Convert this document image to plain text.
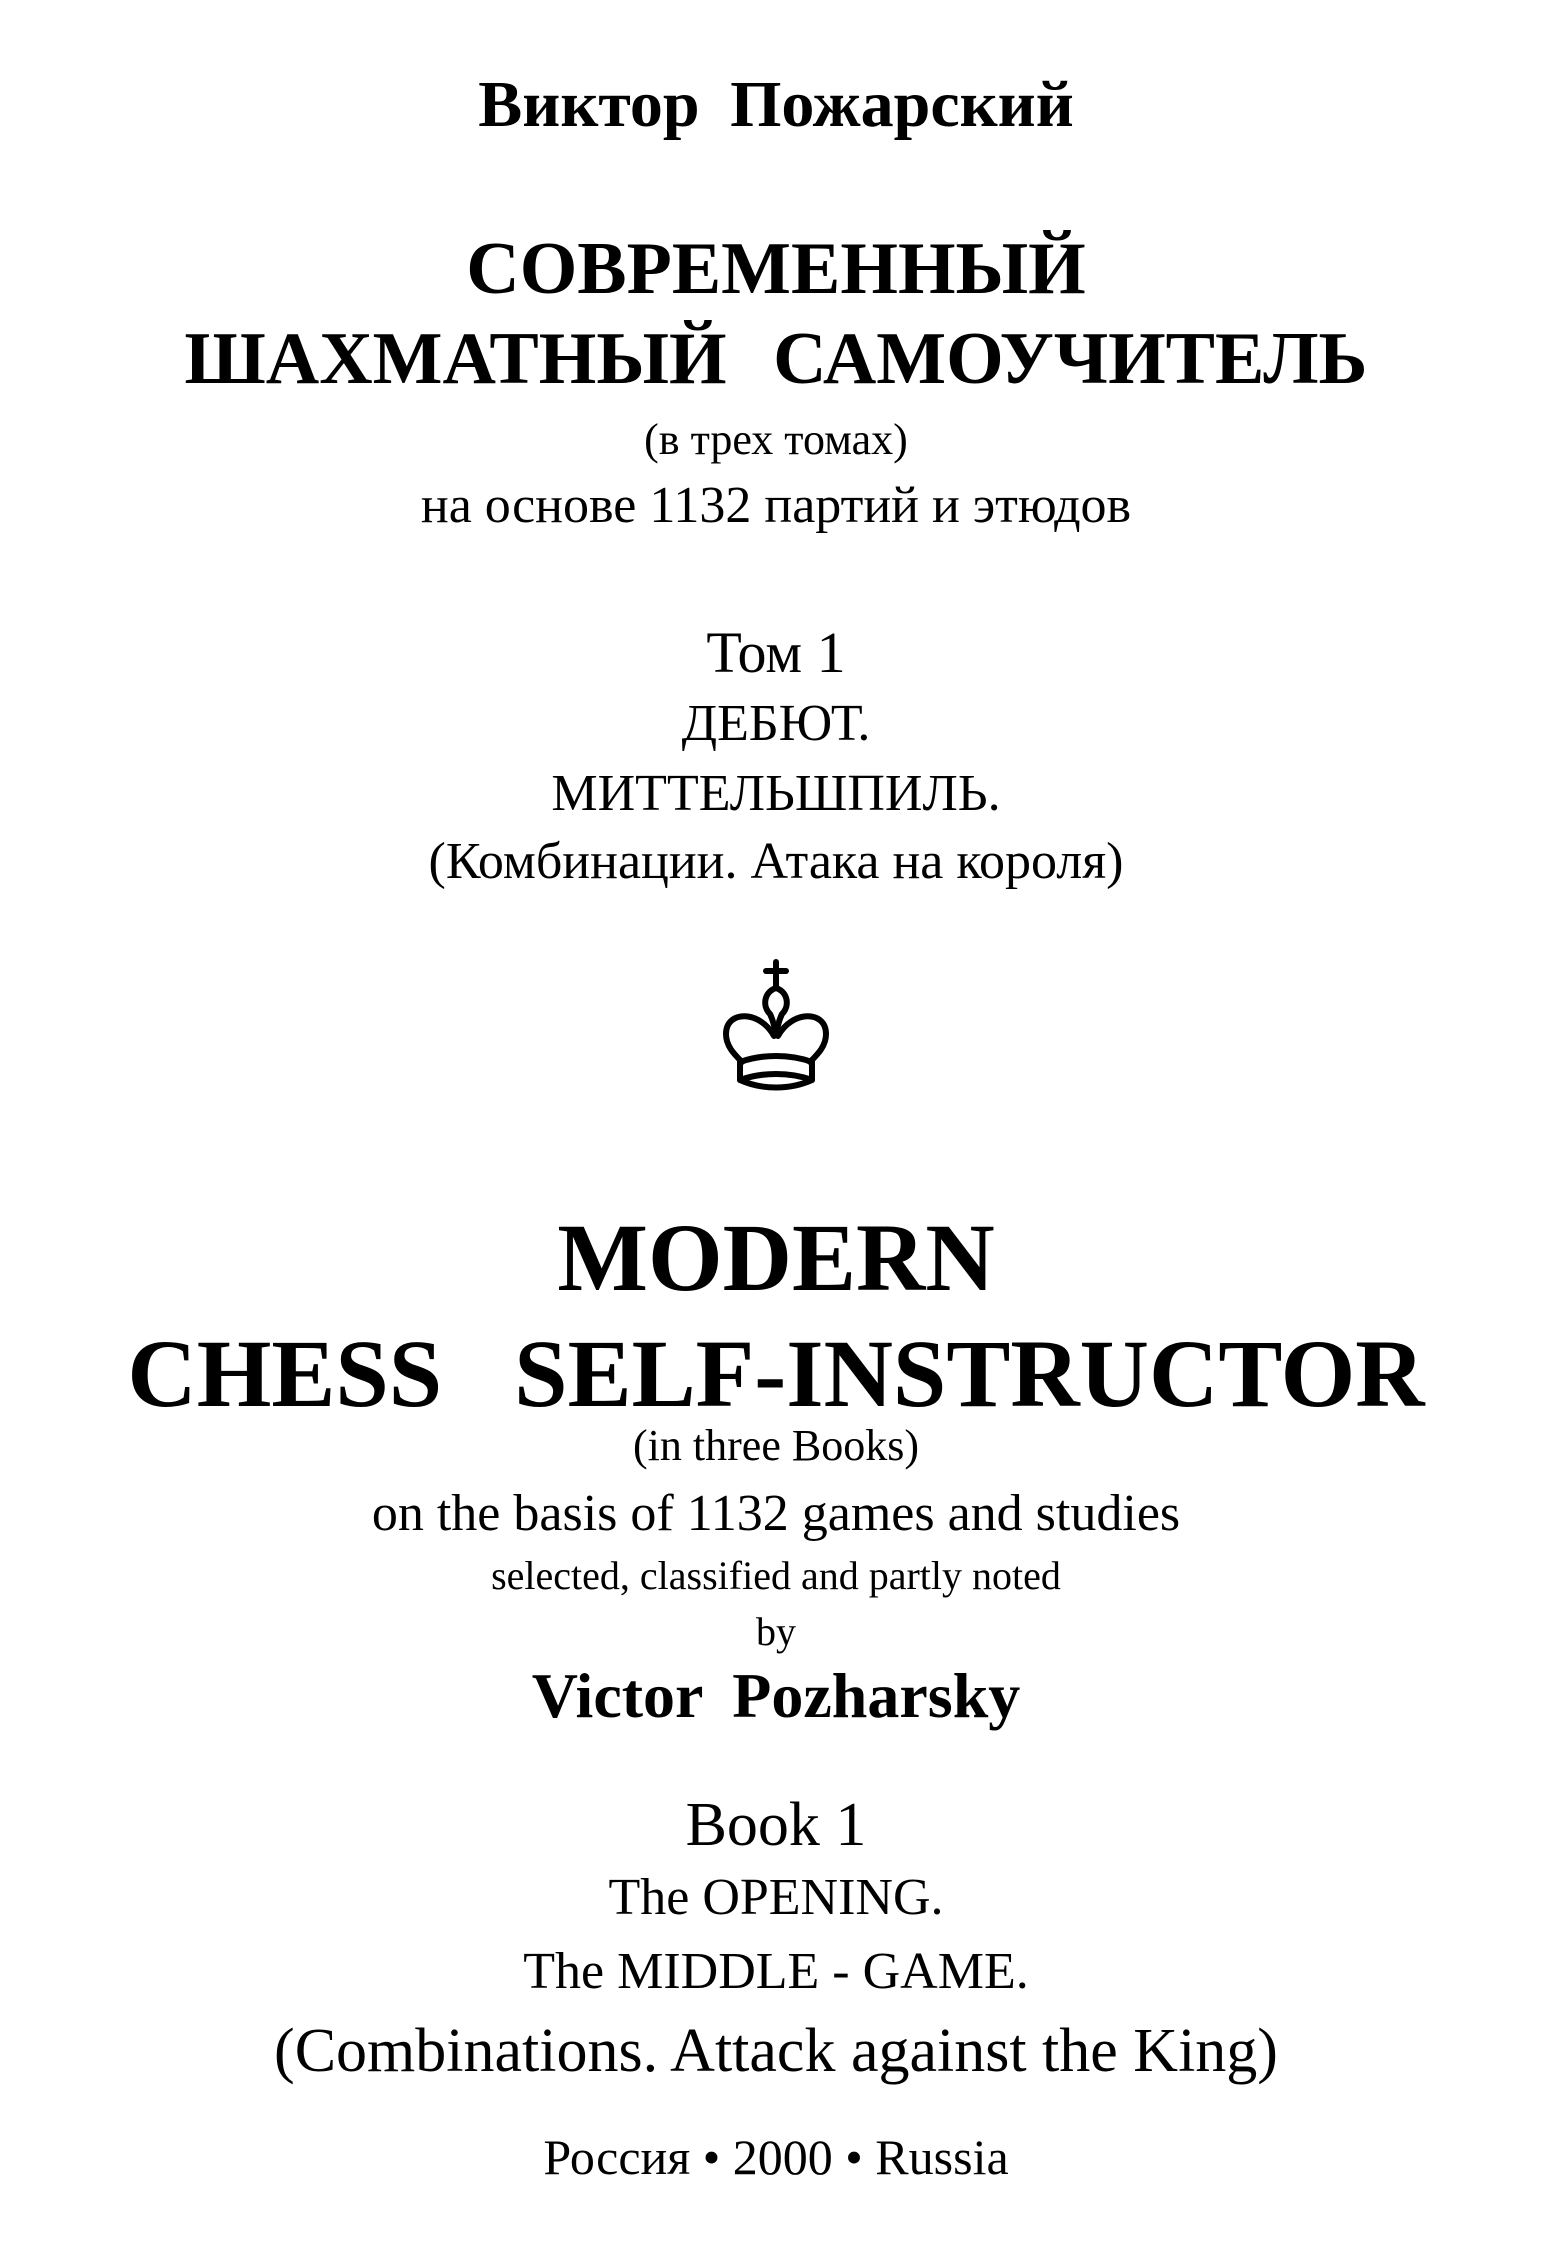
Виктор Пожарский
СОВРЕМЕННЫЙ
ШАХМАТНЫЙ САМОУЧИТЕЛЬ
(в трех томах)
на основе 1132 партий и этюдов
Том 1
ДЕБЮТ.
МИТТЕЛЬШПИЛЬ.
(Комбинации. Атака на короля)
MODERN
CHESS SELF-INSTRUCTOR
(in three Books)
on the basis of 1132 games and studies
selected, classified and partly noted
by
Victor Pozharsky
Book 1
The OPENING.
The MIDDLE - GAME.
(Combinations. Attack against the King)
Россия • 2000 • Russia
